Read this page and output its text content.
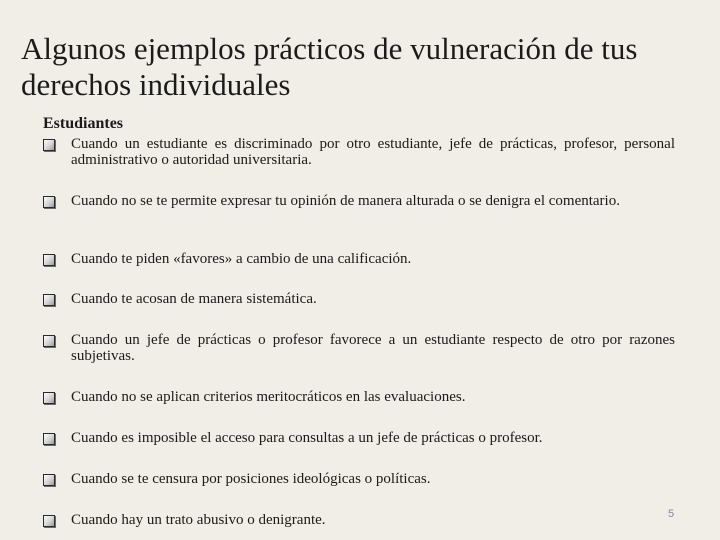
Algunos ejemplos prácticos de vulneración de tus derechos individuales
Estudiantes
Cuando un estudiante es discriminado por otro estudiante, jefe de prácticas, profesor, personal administrativo o autoridad universitaria.
Cuando no se te permite expresar tu opinión de manera alturada o se denigra el comentario.
Cuando te piden «favores» a cambio de una calificación.
Cuando te acosan de manera sistemática.
Cuando un jefe de prácticas o profesor favorece a un estudiante respecto de otro por razones subjetivas.
Cuando no se aplican criterios meritocráticos en las evaluaciones.
Cuando es imposible el acceso para consultas a un jefe de prácticas o profesor.
Cuando se te censura por posiciones ideológicas o políticas.
Cuando hay un trato abusivo o denigrante.	5
